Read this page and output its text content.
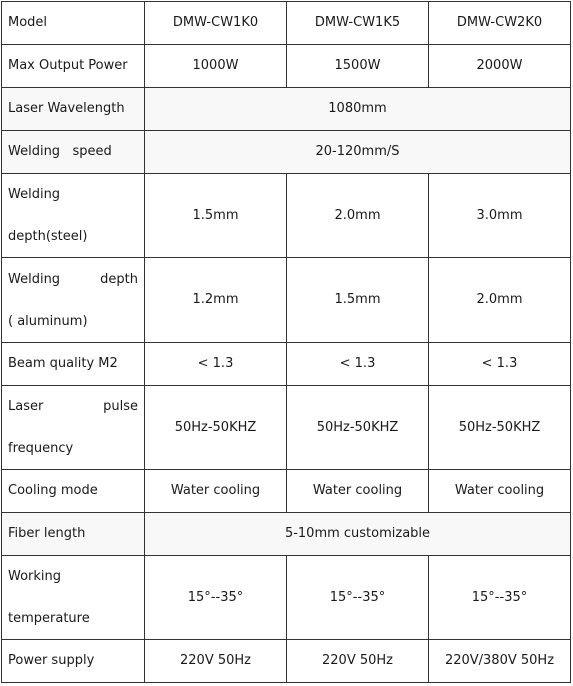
Model	DMW-CW1K0	DMW-CW1K5	DMW-CW2K0
Max Output Power	1000W	1500W	2000W
Laser Wavelength	1080mm		
Welding speed	20-120mm/S		

Welding
depth(steel)	1.5mm	2.0mm	3.0mm

Welding depth
( aluminum)	1.2mm	1.5mm	2.0mm
Beam quality M2	< 1.3	< 1.3	< 1.3

Laser pulse
frequency	50Hz-50KHZ	50Hz-50KHZ	50Hz-50KHZ
Cooling mode	Water cooling	Water cooling	Water cooling
Fiber length	5-10mm customizable		

Working
temperature	15°--35°	15°--35°	15°--35°
Power supply	220V 50Hz	220V 50Hz	220V/380V 50Hz
